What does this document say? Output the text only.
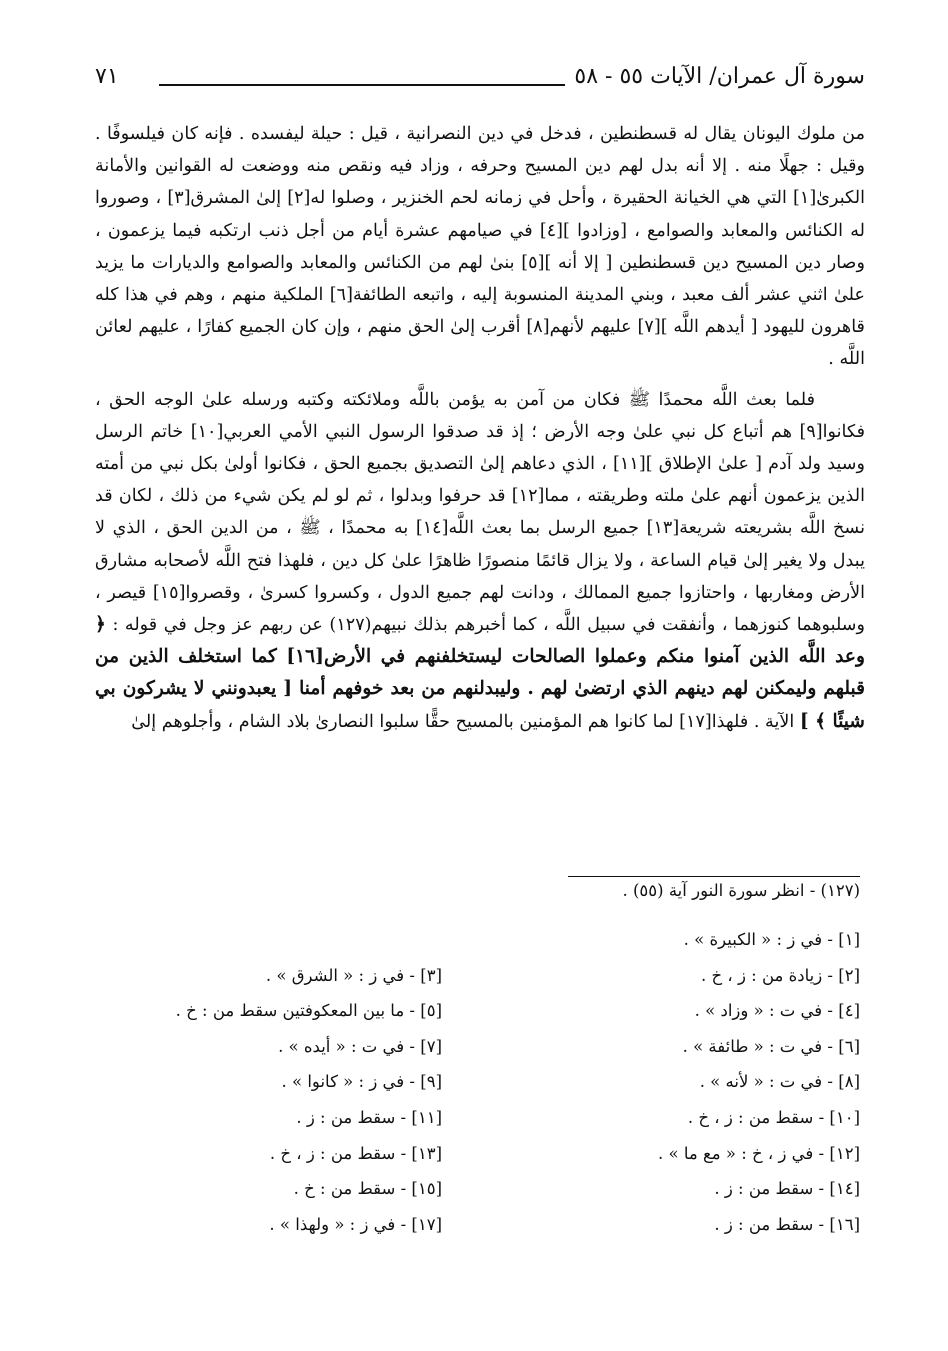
سورة آل عمران/ الآيات ٥٥ - ٥٨
٧١

من ملوك اليونان يقال له قسطنطين ، فدخل في دين النصرانية ، قيل : حيلة ليفسده . فإنه كان فيلسوفًا . وقيل : جهلًا منه . إلا أنه بدل لهم دين المسيح وحرفه ، وزاد فيه ونقص منه ووضعت له القوانين والأمانة الكبرىٰ[١] التي هي الخيانة الحقيرة ، وأحل في زمانه لحم الخنزير ، وصلوا له[٢] إلىٰ المشرق[٣] ، وصوروا له الكنائس والمعابد والصوامع ، [وزادوا ][٤] في صيامهم عشرة أيام من أجل ذنب ارتكبه فيما يزعمون ، وصار دين المسيح دين قسطنطين [ إلا أنه ][٥] بنىٰ لهم من الكنائس والمعابد والصوامع والديارات ما يزيد علىٰ اثني عشر ألف معبد ، وبني المدينة المنسوبة إليه ، واتبعه الطائفة[٦] الملكية منهم ، وهم في هذا كله قاهرون لليهود [ أيدهم اللَّه ][٧] عليهم لأنهم[٨] أقرب إلىٰ الحق منهم ، وإن كان الجميع كفارًا ، عليهم لعائن اللَّه .

فلما بعث اللَّه محمدًا ﷺ فكان من آمن به يؤمن باللَّه وملائكته وكتبه ورسله علىٰ الوجه الحق ، فكانوا[٩] هم أتباع كل نبي علىٰ وجه الأرض ؛ إذ قد صدقوا الرسول النبي الأمي العربي[١٠] خاتم الرسل وسيد ولد آدم [ علىٰ الإطلاق ][١١] ، الذي دعاهم إلىٰ التصديق بجميع الحق ، فكانوا أولىٰ بكل نبي من أمته الذين يزعمون أنهم علىٰ ملته وطريقته ، مما[١٢] قد حرفوا وبدلوا ، ثم لو لم يكن شيء من ذلك ، لكان قد نسخ اللَّه بشريعته شريعة[١٣] جميع الرسل بما بعث اللَّه[١٤] به محمدًا ، ﷺ ، من الدين الحق ، الذي لا يبدل ولا يغير إلىٰ قيام الساعة ، ولا يزال قائمًا منصورًا ظاهرًا علىٰ كل دين ، فلهذا فتح اللَّه لأصحابه مشارق الأرض ومغاربها ، واحتازوا جميع الممالك ، ودانت لهم جميع الدول ، وكسروا كسرىٰ ، وقصروا[١٥] قيصر ، وسلبوهما كنوزهما ، وأنفقت في سبيل اللَّه ، كما أخبرهم بذلك نبيهم(١٢٧) عن ربهم عز وجل في قوله : ﴿ وعد اللَّه الذين آمنوا منكم وعملوا الصالحات ليستخلفنهم في الأرض[١٦] كما استخلف الذين من قبلهم وليمكنن لهم دينهم الذي ارتضىٰ لهم . وليبدلنهم من بعد خوفهم أمنا [ يعبدونني لا يشركون بي شيئًا ﴾ ] الآية . فلهذا[١٧] لما كانوا هم المؤمنين بالمسيح حقًّا سلبوا النصارىٰ بلاد الشام ، وأجلوهم إلىٰ

(١٢٧) - انظر سورة النور آية (٥٥) .
[١] - في ز : « الكبيرة » .
[٢] - زيادة من : ز ، خ .
[٤] - في ت : « وزاد » .
[٦] - في ت : « طائفة » .
[٨] - في ت : « لأنه » .
[١٠] - سقط من : ز ، خ .
[١٢] - في ز ، خ : « مع ما » .
[١٤] - سقط من : ز .
[١٦] - سقط من : ز .
[٣] - في ز : « الشرق » .
[٥] - ما بين المعكوفتين سقط من : خ .
[٧] - في ت : « أيده » .
[٩] - في ز : « كانوا » .
[١١] - سقط من : ز .
[١٣] - سقط من : ز ، خ .
[١٥] - سقط من : خ .
[١٧] - في ز : « ولهذا » .
